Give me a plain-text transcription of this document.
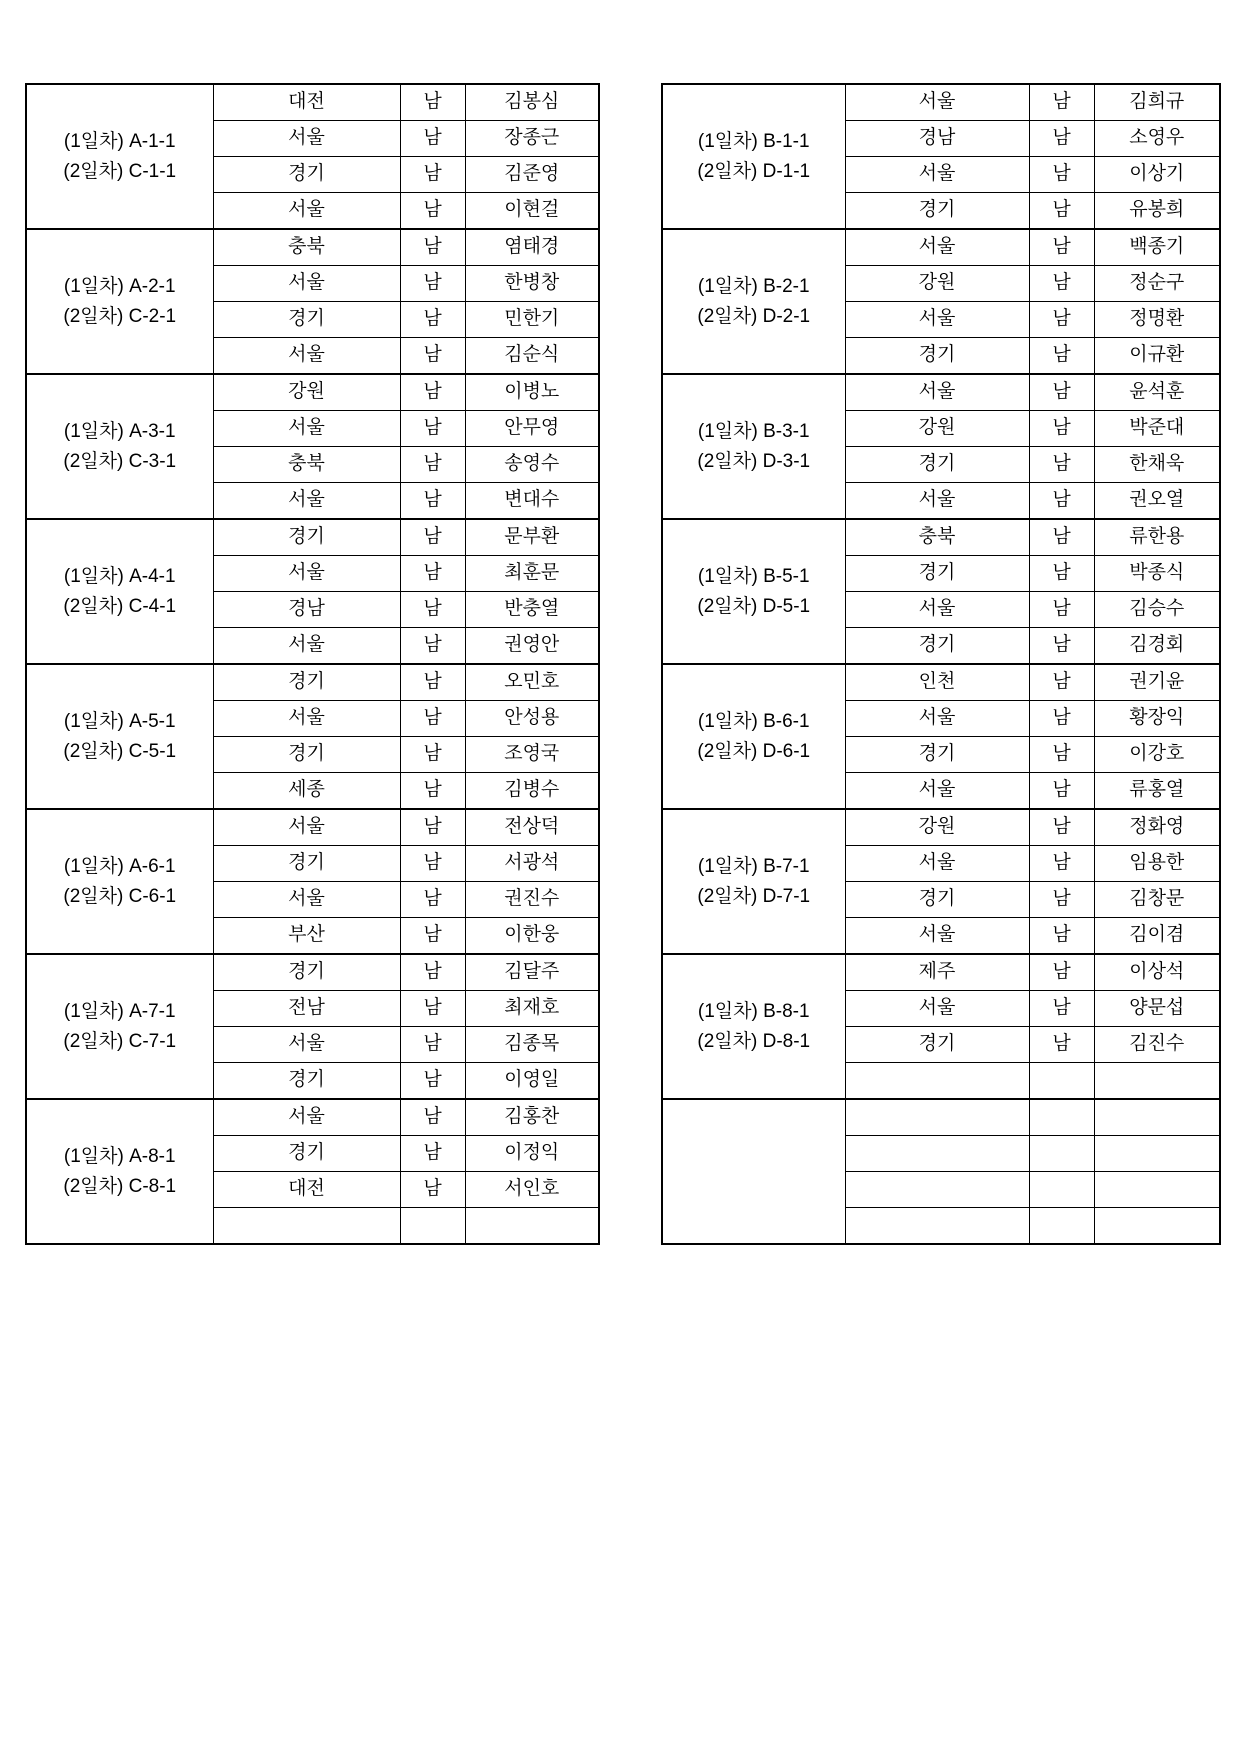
(1일차) A-1-1
(2일차) C-1-1	대전	남	김봉심
	서울	남	장종근
	경기	남	김준영
	서울	남	이현걸

(1일차) A-2-1
(2일차) C-2-1	충북	남	염태경
	서울	남	한병창
	경기	남	민한기
	서울	남	김순식

(1일차) A-3-1
(2일차) C-3-1	강원	남	이병노
	서울	남	안무영
	충북	남	송영수
	서울	남	변대수

(1일차) A-4-1
(2일차) C-4-1	경기	남	문부환
	서울	남	최훈문
	경남	남	반충열
	서울	남	권영안

(1일차) A-5-1
(2일차) C-5-1	경기	남	오민호
	서울	남	안성용
	경기	남	조영국
	세종	남	김병수

(1일차) A-6-1
(2일차) C-6-1	서울	남	전상덕
	경기	남	서광석
	서울	남	권진수
	부산	남	이한웅

(1일차) A-7-1
(2일차) C-7-1	경기	남	김달주
	전남	남	최재호
	서울	남	김종목
	경기	남	이영일

(1일차) A-8-1
(2일차) C-8-1	서울	남	김홍찬
	경기	남	이정익
	대전	남	서인호

(1일차) B-1-1
(2일차) D-1-1	서울	남	김희규
	경남	남	소영우
	서울	남	이상기
	경기	남	유봉희

(1일차) B-2-1
(2일차) D-2-1	서울	남	백종기
	강원	남	정순구
	서울	남	정명환
	경기	남	이규환

(1일차) B-3-1
(2일차) D-3-1	서울	남	윤석훈
	강원	남	박준대
	경기	남	한채욱
	서울	남	권오열

(1일차) B-5-1
(2일차) D-5-1	충북	남	류한용
	경기	남	박종식
	서울	남	김승수
	경기	남	김경회

(1일차) B-6-1
(2일차) D-6-1	인천	남	권기윤
	서울	남	황장익
	경기	남	이강호
	서울	남	류홍열

(1일차) B-7-1
(2일차) D-7-1	강원	남	정화영
	서울	남	임용한
	경기	남	김창문
	서울	남	김이겸

(1일차) B-8-1
(2일차) D-8-1	제주	남	이상석
	서울	남	양문섭
	경기	남	김진수
